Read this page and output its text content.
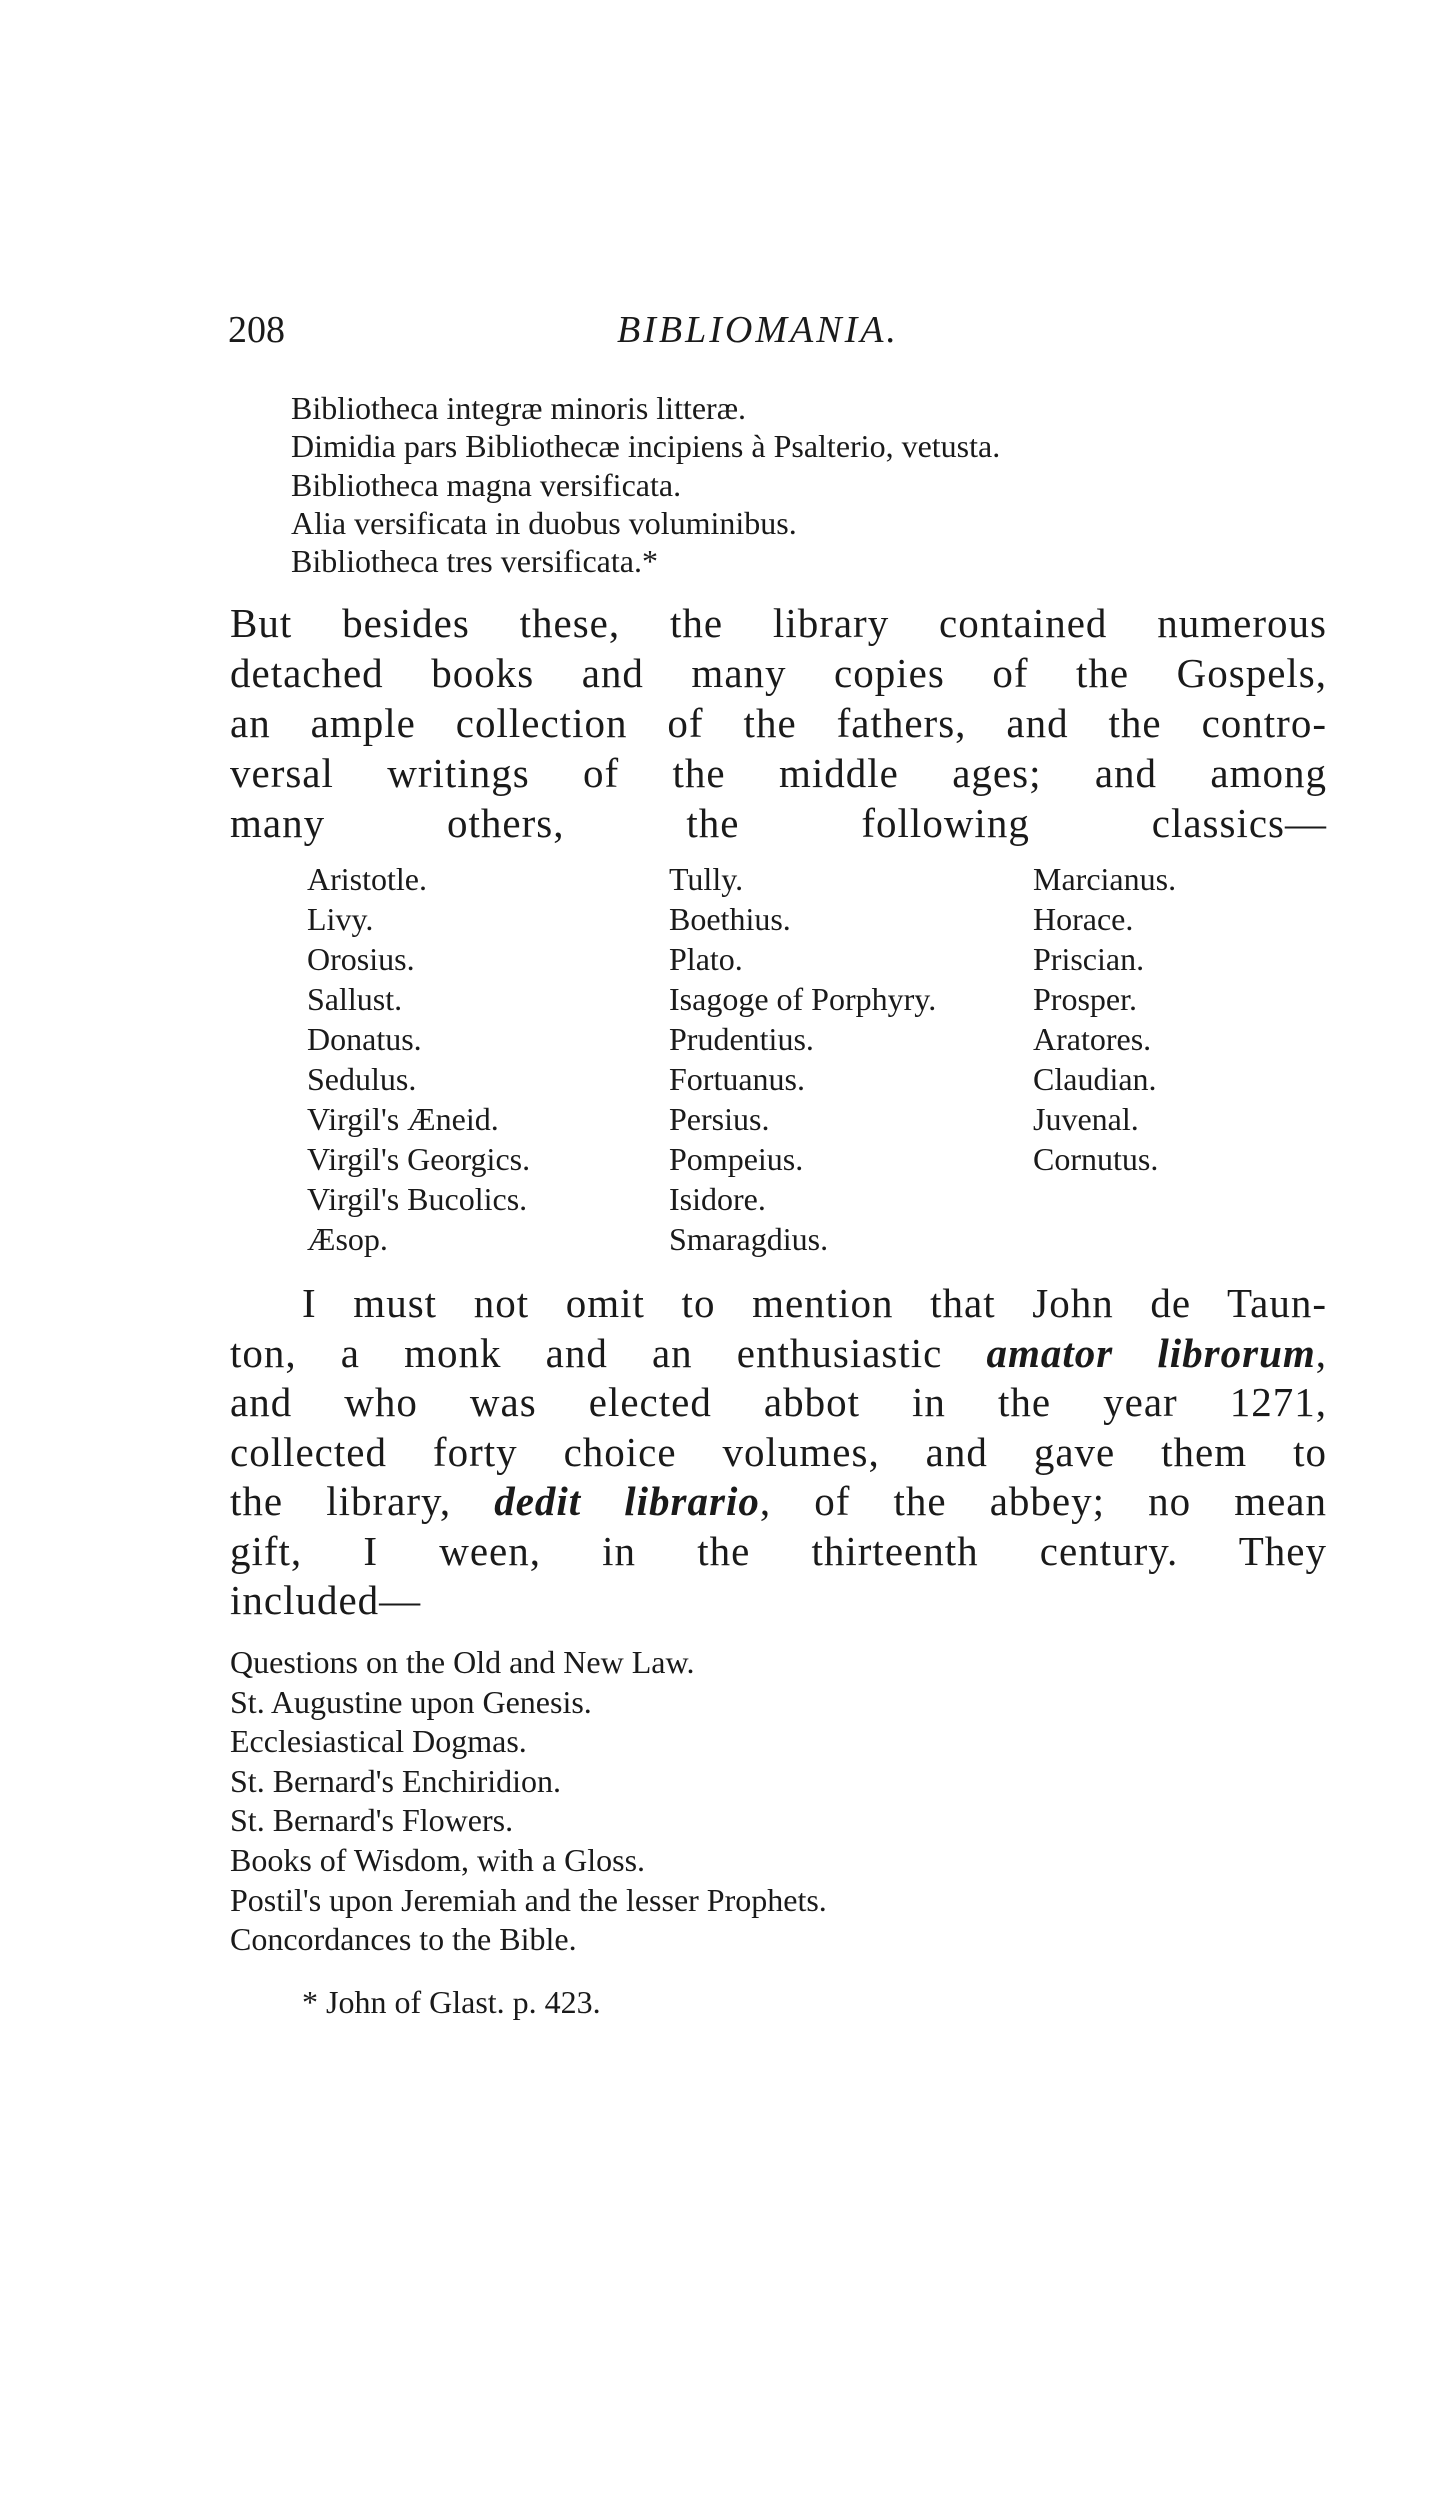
208	BIBLIOMANIA.
Bibliotheca integræ minoris litteræ.
Dimidia pars Bibliothecæ incipiens à Psalterio, vetusta.
Bibliotheca magna versificata.
Alia versificata in duobus voluminibus.
Bibliotheca tres versificata.*
But besides these, the library contained numerous
detached books and many copies of the Gospels,
an ample collection of the fathers, and the contro-
versal writings of the middle ages; and among
many others, the following classics—
Aristotle.
Livy.
Orosius.
Sallust.
Donatus.
Sedulus.
Virgil's Æneid.
Virgil's Georgics.
Virgil's Bucolics.
Æsop.
Tully.
Boethius.
Plato.
Isagoge of Porphyry.
Prudentius.
Fortuanus.
Persius.
Pompeius.
Isidore.
Smaragdius.
Marcianus.
Horace.
Priscian.
Prosper.
Aratores.
Claudian.
Juvenal.
Cornutus.
I must not omit to mention that John de Taun-
ton, a monk and an enthusiastic amator librorum,
and who was elected abbot in the year 1271,
collected forty choice volumes, and gave them to
the library, dedit librario, of the abbey; no mean
gift, I ween, in the thirteenth century. They
included—
Questions on the Old and New Law.
St. Augustine upon Genesis.
Ecclesiastical Dogmas.
St. Bernard's Enchiridion.
St. Bernard's Flowers.
Books of Wisdom, with a Gloss.
Postil's upon Jeremiah and the lesser Prophets.
Concordances to the Bible.
* John of Glast. p. 423.
